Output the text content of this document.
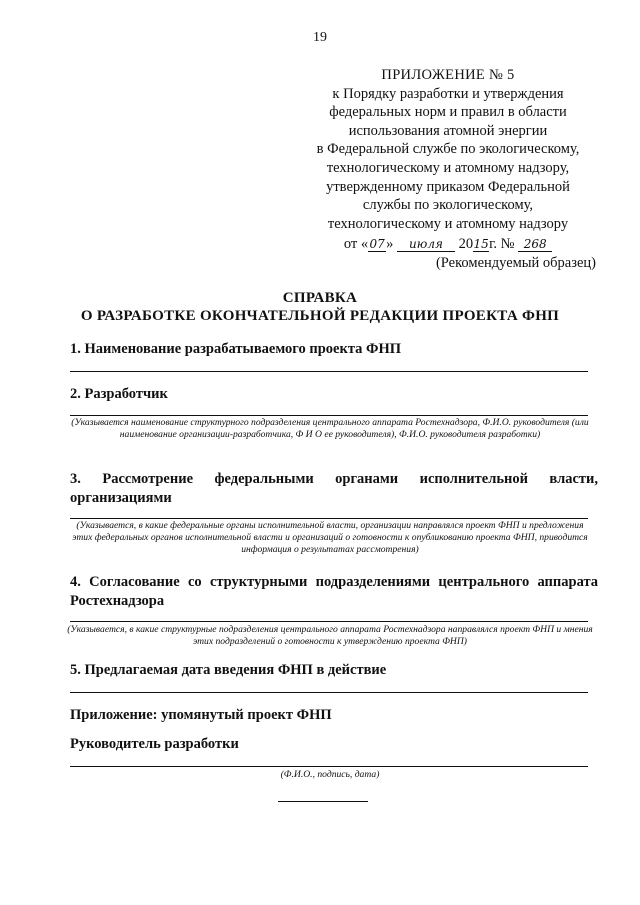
19
ПРИЛОЖЕНИЕ № 5
к Порядку разработки и утверждения
федеральных норм и правил в области
использования атомной энергии
в Федеральной службе по экологическому,
технологическому и атомному надзору,
утвержденному приказом Федеральной
службы по экологическому,
технологическому и атомному надзору
от «07» июля 2015г. № 268
(Рекомендуемый образец)
СПРАВКА
О РАЗРАБОТКЕ ОКОНЧАТЕЛЬНОЙ РЕДАКЦИИ ПРОЕКТА ФНП
1. Наименование разрабатываемого проекта ФНП
2. Разработчик
(Указывается наименование структурного подразделения центрального аппарата Ростехнадзора, Ф.И.О. руководителя (или наименование организации-разработчика, Ф И О ее руководителя), Ф.И.О. руководителя разработки)
3. Рассмотрение федеральными органами исполнительной власти, организациями
(Указывается, в какие федеральные органы исполнительной власти, организации направлялся проект ФНП и предложения этих федеральных органов исполнительной власти и организаций о готовности к опубликованию проекта ФНП, приводится информация о результатах рассмотрения)
4. Согласование со структурными подразделениями центрального аппарата Ростехнадзора
(Указывается, в какие структурные подразделения центрального аппарата Ростехнадзора направлялся проект ФНП и мнения этих подразделений о готовности к утверждению проекта ФНП)
5. Предлагаемая дата введения ФНП в действие
Приложение: упомянутый проект ФНП
Руководитель разработки
(Ф.И.О., подпись, дата)
